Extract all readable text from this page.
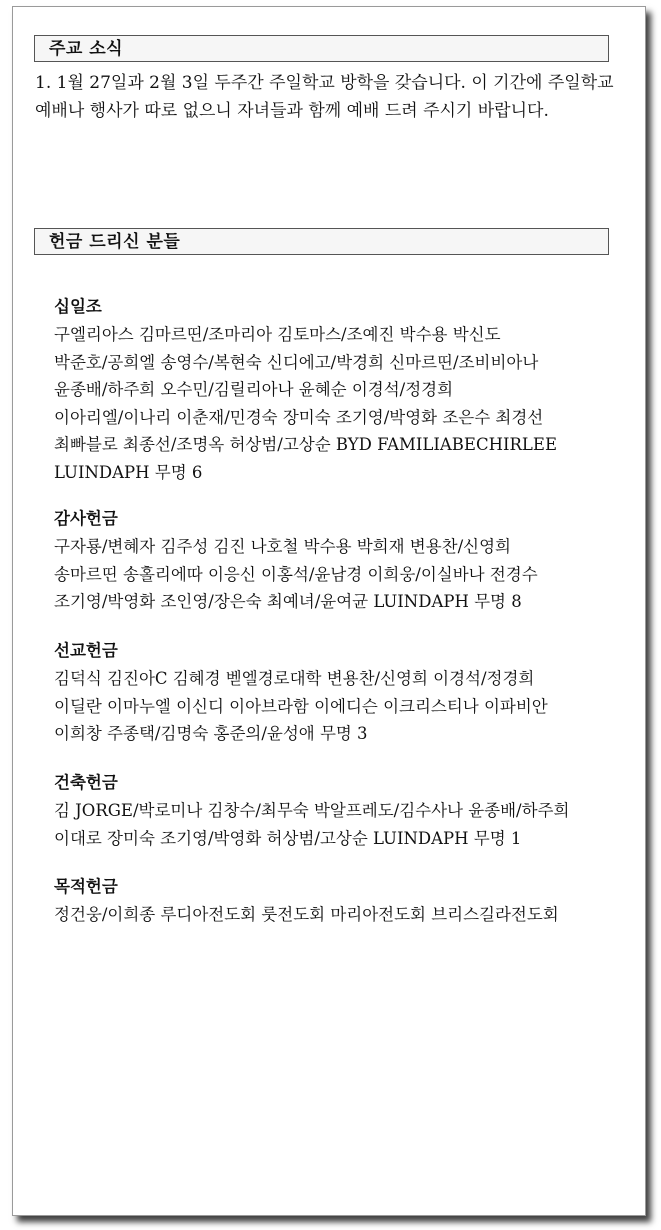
주교 소식

1. 1월 27일과 2월 3일 두주간 주일학교 방학을 갖습니다. 이 기간에 주일학교 예배나 행사가 따로 없으니 자녀들과 함께 예배 드려 주시기 바랍니다.

헌금 드리신 분들
십일조
구엘리아스 김마르띤/조마리아 김토마스/조예진 박수용 박신도
박준호/공희엘 송영수/복현숙 신디에고/박경희 신마르띤/조비비아나
윤종배/하주희 오수민/김릴리아나 윤혜순 이경석/정경희
이아리엘/이나리 이춘재/민경숙 장미숙 조기영/박영화 조은수 최경선
최빠블로 최종선/조명옥 허상범/고상순 BYD FAMILIABECHIRLEE
LUINDAPH 무명 6
감사헌금
구자룡/변혜자 김주성 김진 나호철 박수용 박희재 변용찬/신영희
송마르띤 송홀리에따 이응신 이홍석/윤남경 이희웅/이실바나 전경수
조기영/박영화 조인영/장은숙 최예녀/윤여균 LUINDAPH 무명 8
선교헌금
김덕식 김진아C 김혜경 벧엘경로대학 변용찬/신영희 이경석/정경희
이딜란 이마누엘 이신디 이아브라함 이에디슨 이크리스티나 이파비안
이희창 주종택/김명숙 홍준의/윤성애 무명 3
건축헌금
김 JORGE/박로미나 김창수/최무숙 박알프레도/김수사나 윤종배/하주희
이대로 장미숙 조기영/박영화 허상범/고상순 LUINDAPH 무명 1
목적헌금
정건웅/이희종 루디아전도회 룻전도회 마리아전도회 브리스길라전도회
